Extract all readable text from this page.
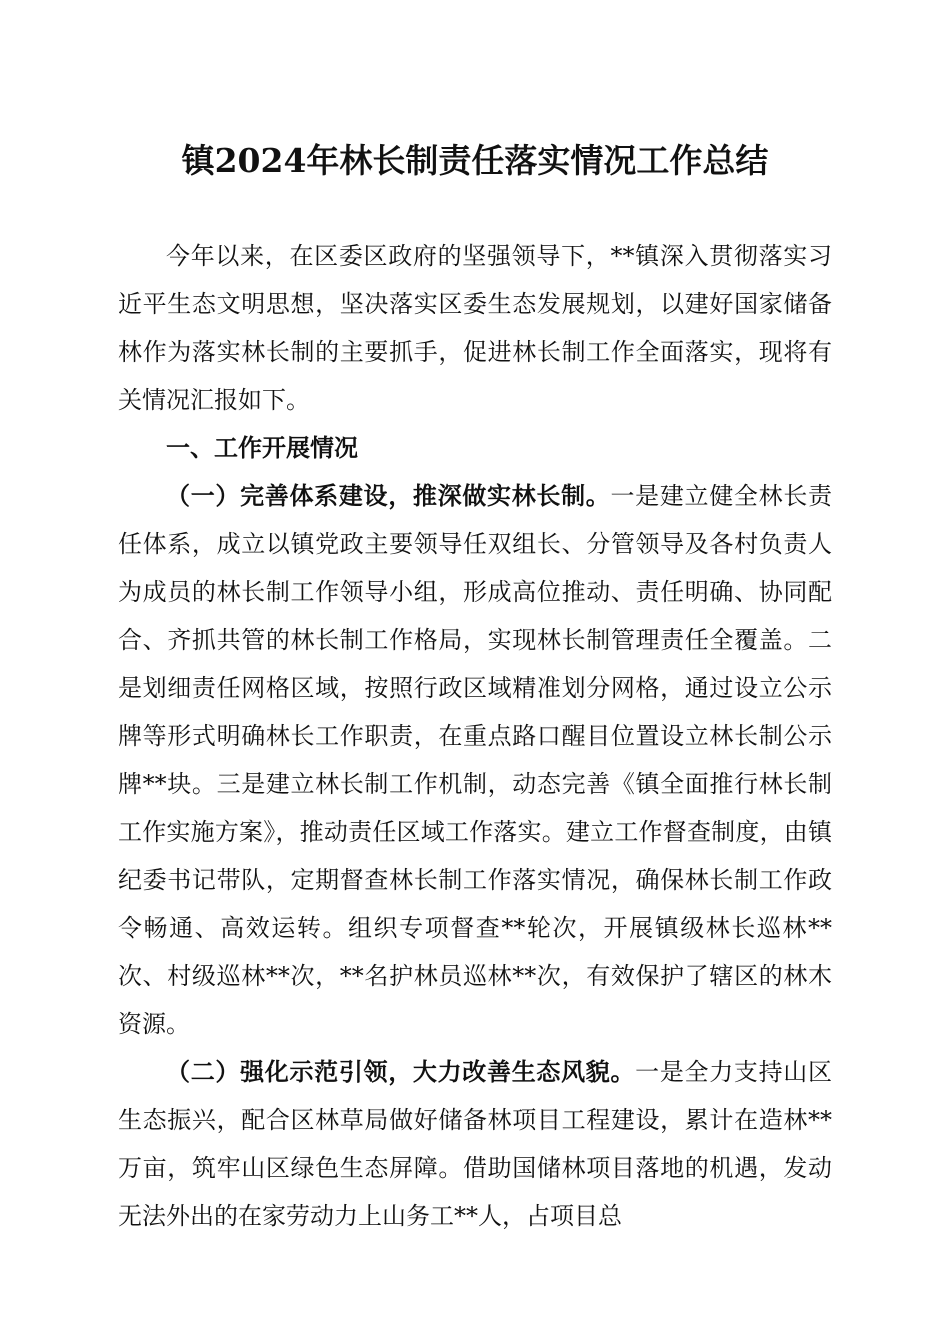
镇2024年林长制责任落实情况工作总结

今年以来，在区委区政府的坚强领导下，**镇深入贯彻落实习近平生态文明思想，坚决落实区委生态发展规划，以建好国家储备林作为落实林长制的主要抓手，促进林长制工作全面落实，现将有关情况汇报如下。

一、工作开展情况

（一）完善体系建设，推深做实林长制。一是建立健全林长责任体系，成立以镇党政主要领导任双组长、分管领导及各村负责人为成员的林长制工作领导小组，形成高位推动、责任明确、协同配合、齐抓共管的林长制工作格局，实现林长制管理责任全覆盖。二是划细责任网格区域，按照行政区域精准划分网格，通过设立公示牌等形式明确林长工作职责，在重点路口醒目位置设立林长制公示牌**块。三是建立林长制工作机制，动态完善《镇全面推行林长制工作实施方案》，推动责任区域工作落实。建立工作督查制度，由镇纪委书记带队，定期督查林长制工作落实情况，确保林长制工作政令畅通、高效运转。组织专项督查**轮次，开展镇级林长巡林**次、村级巡林**次，**名护林员巡林**次，有效保护了辖区的林木资源。

（二）强化示范引领，大力改善生态风貌。一是全力支持山区生态振兴，配合区林草局做好储备林项目工程建设，累计在造林**万亩，筑牢山区绿色生态屏障。借助国储林项目落地的机遇，发动无法外出的在家劳动力上山务工**人，占项目总
